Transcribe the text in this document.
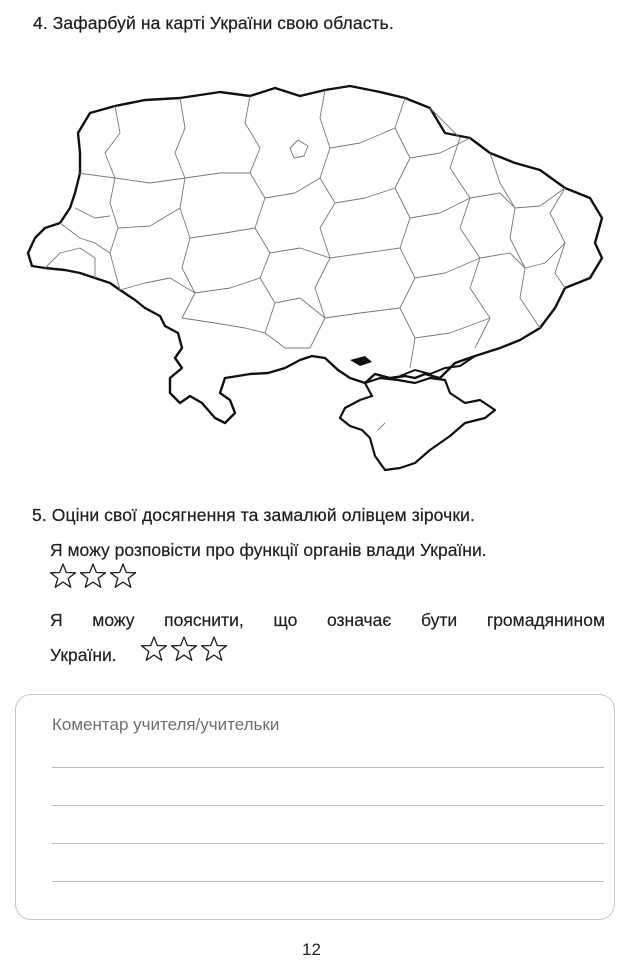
4. Зафарбуй на карті України свою область.
5. Оціни свої досягнення та замалюй олівцем зірочки.
Я можу розповісти про функції органів влади України.
Я можу пояснити, що означає бути громадянином
України.
Коментар учителя/учительки
12
